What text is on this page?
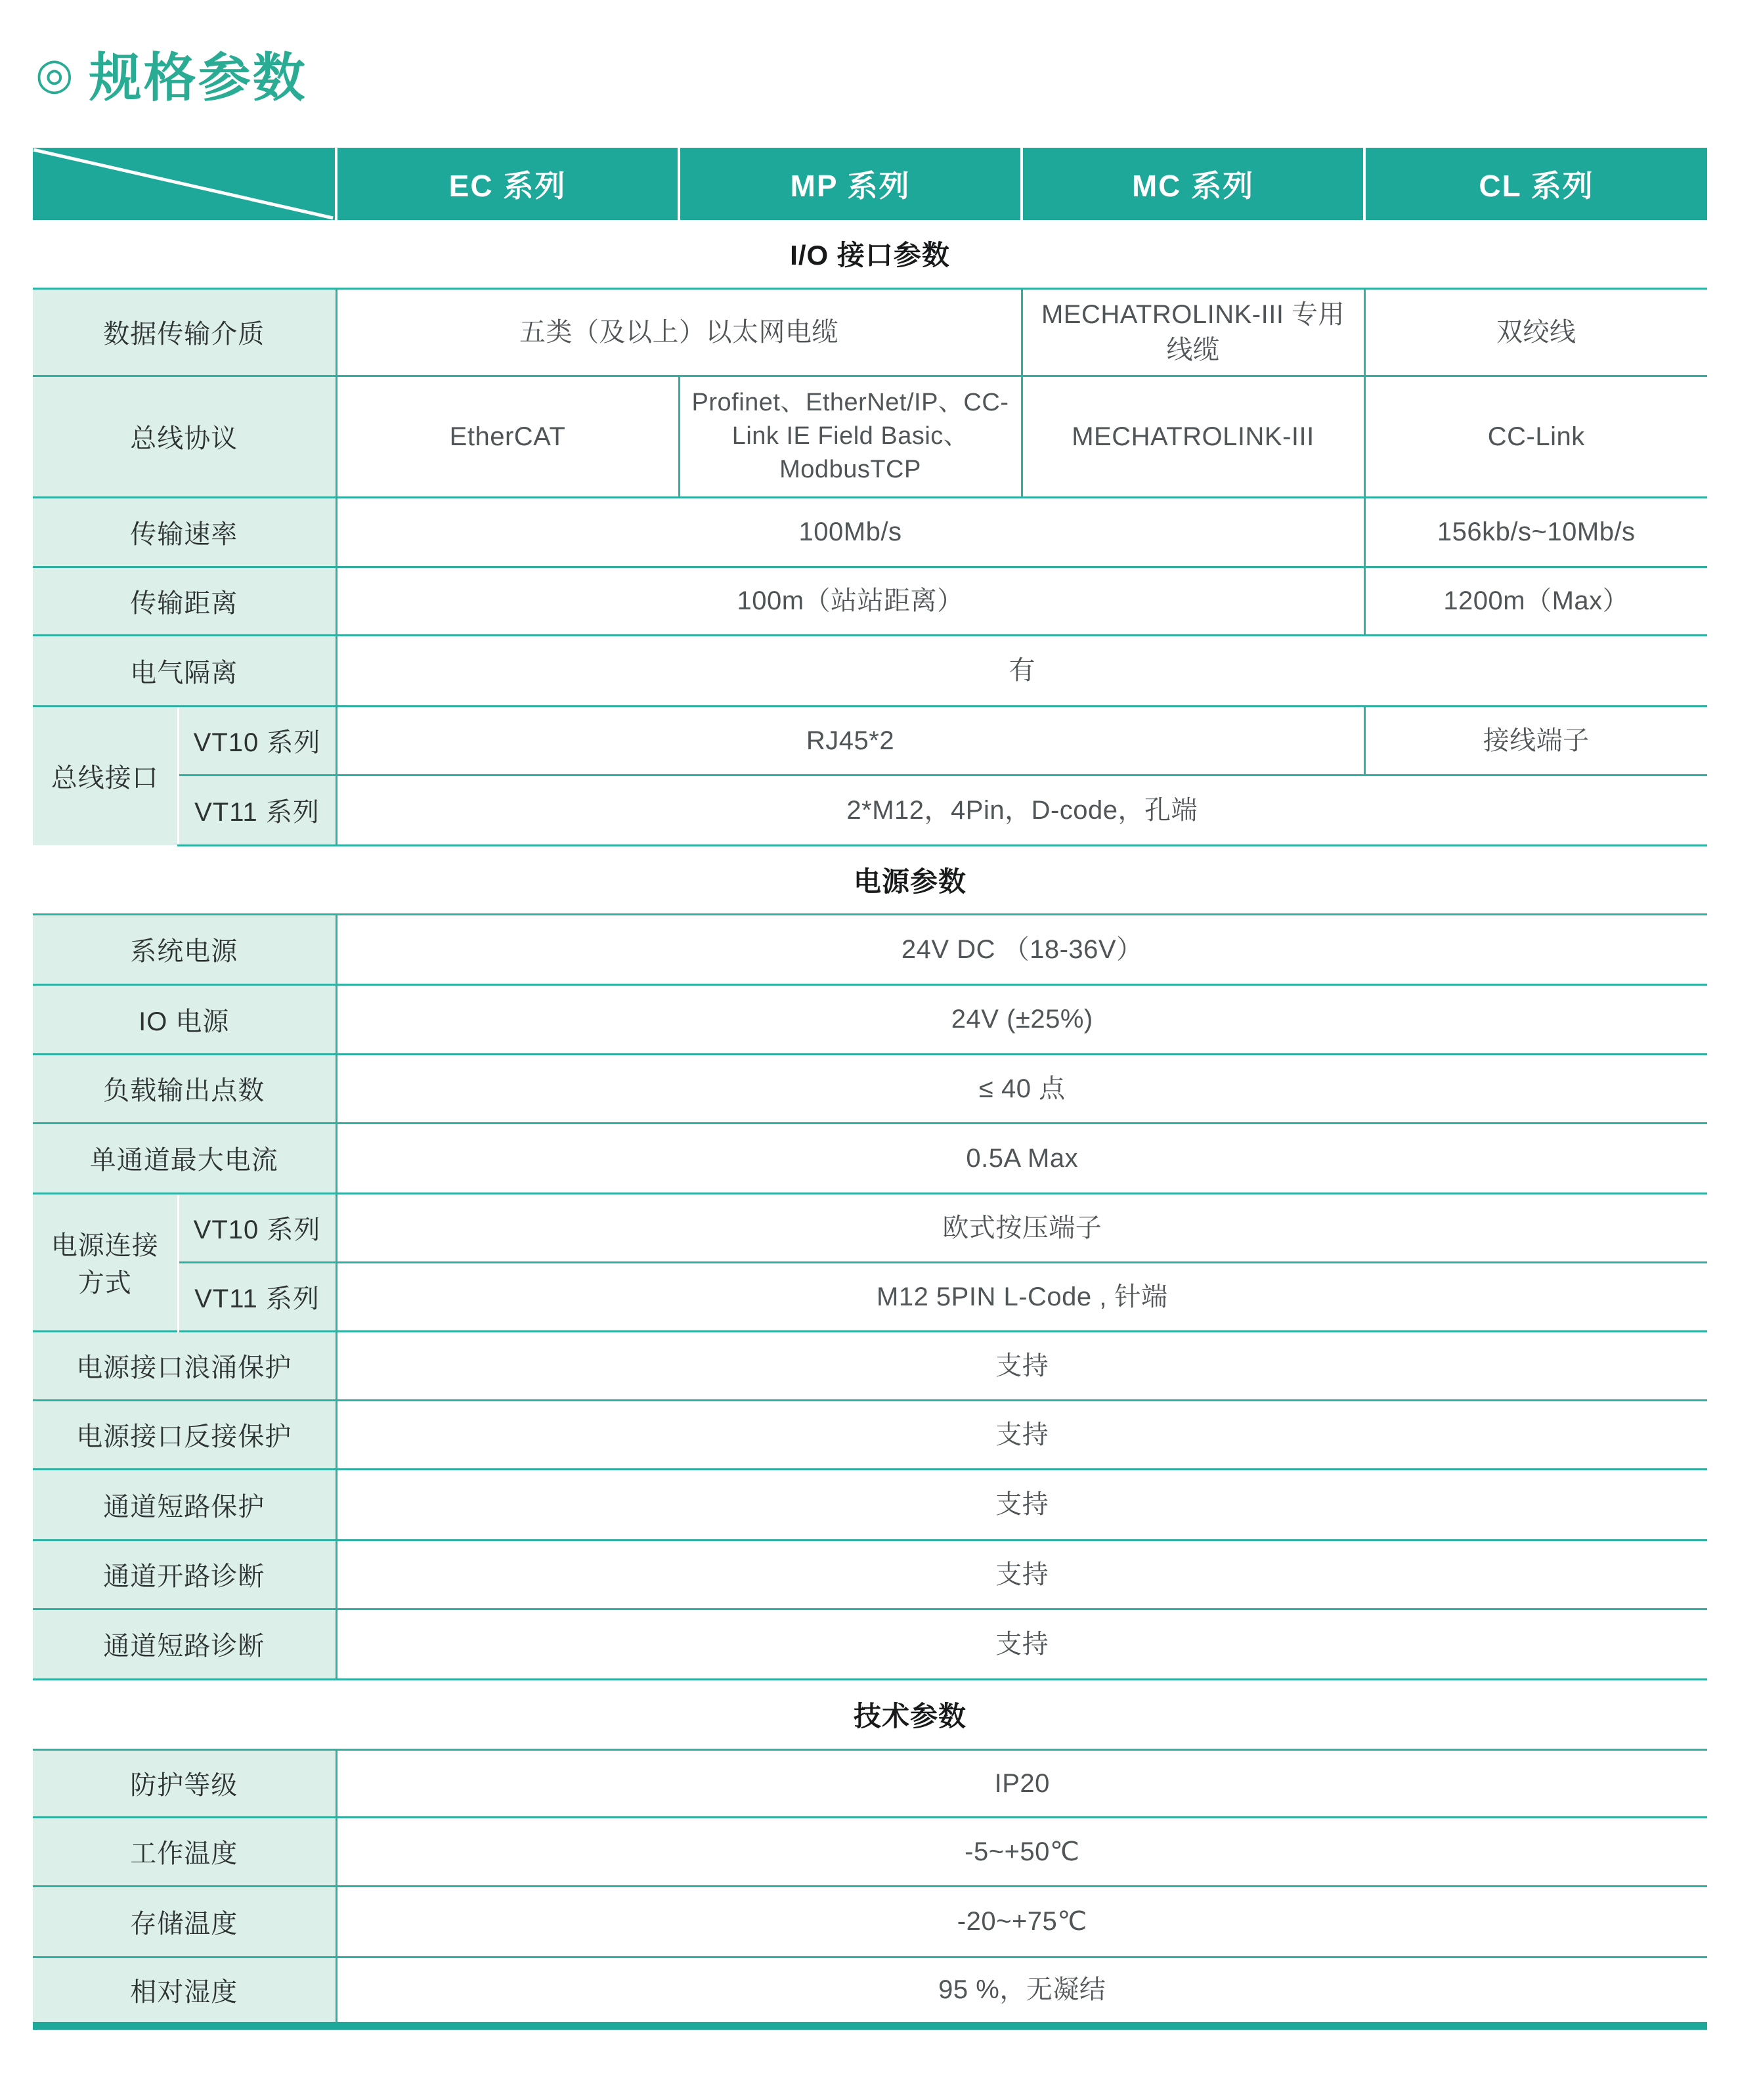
◎ 规格参数
	EC 系列	MP 系列	MC 系列	CL 系列
I/O 接口参数					
数据传输介质		五类（及以上）以太网电缆		MECHATROLINK-III 专用线缆	双绞线
总线协议		EtherCAT	Profinet、EtherNet/IP、CC-Link IE Field Basic、ModbusTCP	MECHATROLINK-III	CC-Link
传输速率		100Mb/s			156kb/s~10Mb/s
传输距离		100m（站站距离）			1200m（Max）
电气隔离		有			
总线接口	VT10 系列	RJ45*2			接线端子
	VT11 系列	2*M12，4Pin，D-code，孔端			
电源参数					
系统电源		24V DC （18-36V）			
IO 电源		24V (±25%)			
负载输出点数		≤ 40 点			
单通道最大电流		0.5A Max			
电源连接方式	VT10 系列	欧式按压端子			
	VT11 系列	M12 5PIN L-Code , 针端			
电源接口浪涌保护		支持			
电源接口反接保护		支持			
通道短路保护		支持			
通道开路诊断		支持			
通道短路诊断		支持			
技术参数					
防护等级		IP20			
工作温度		-5~+50℃			
存储温度		-20~+75℃			
相对湿度		95 %，无凝结			
